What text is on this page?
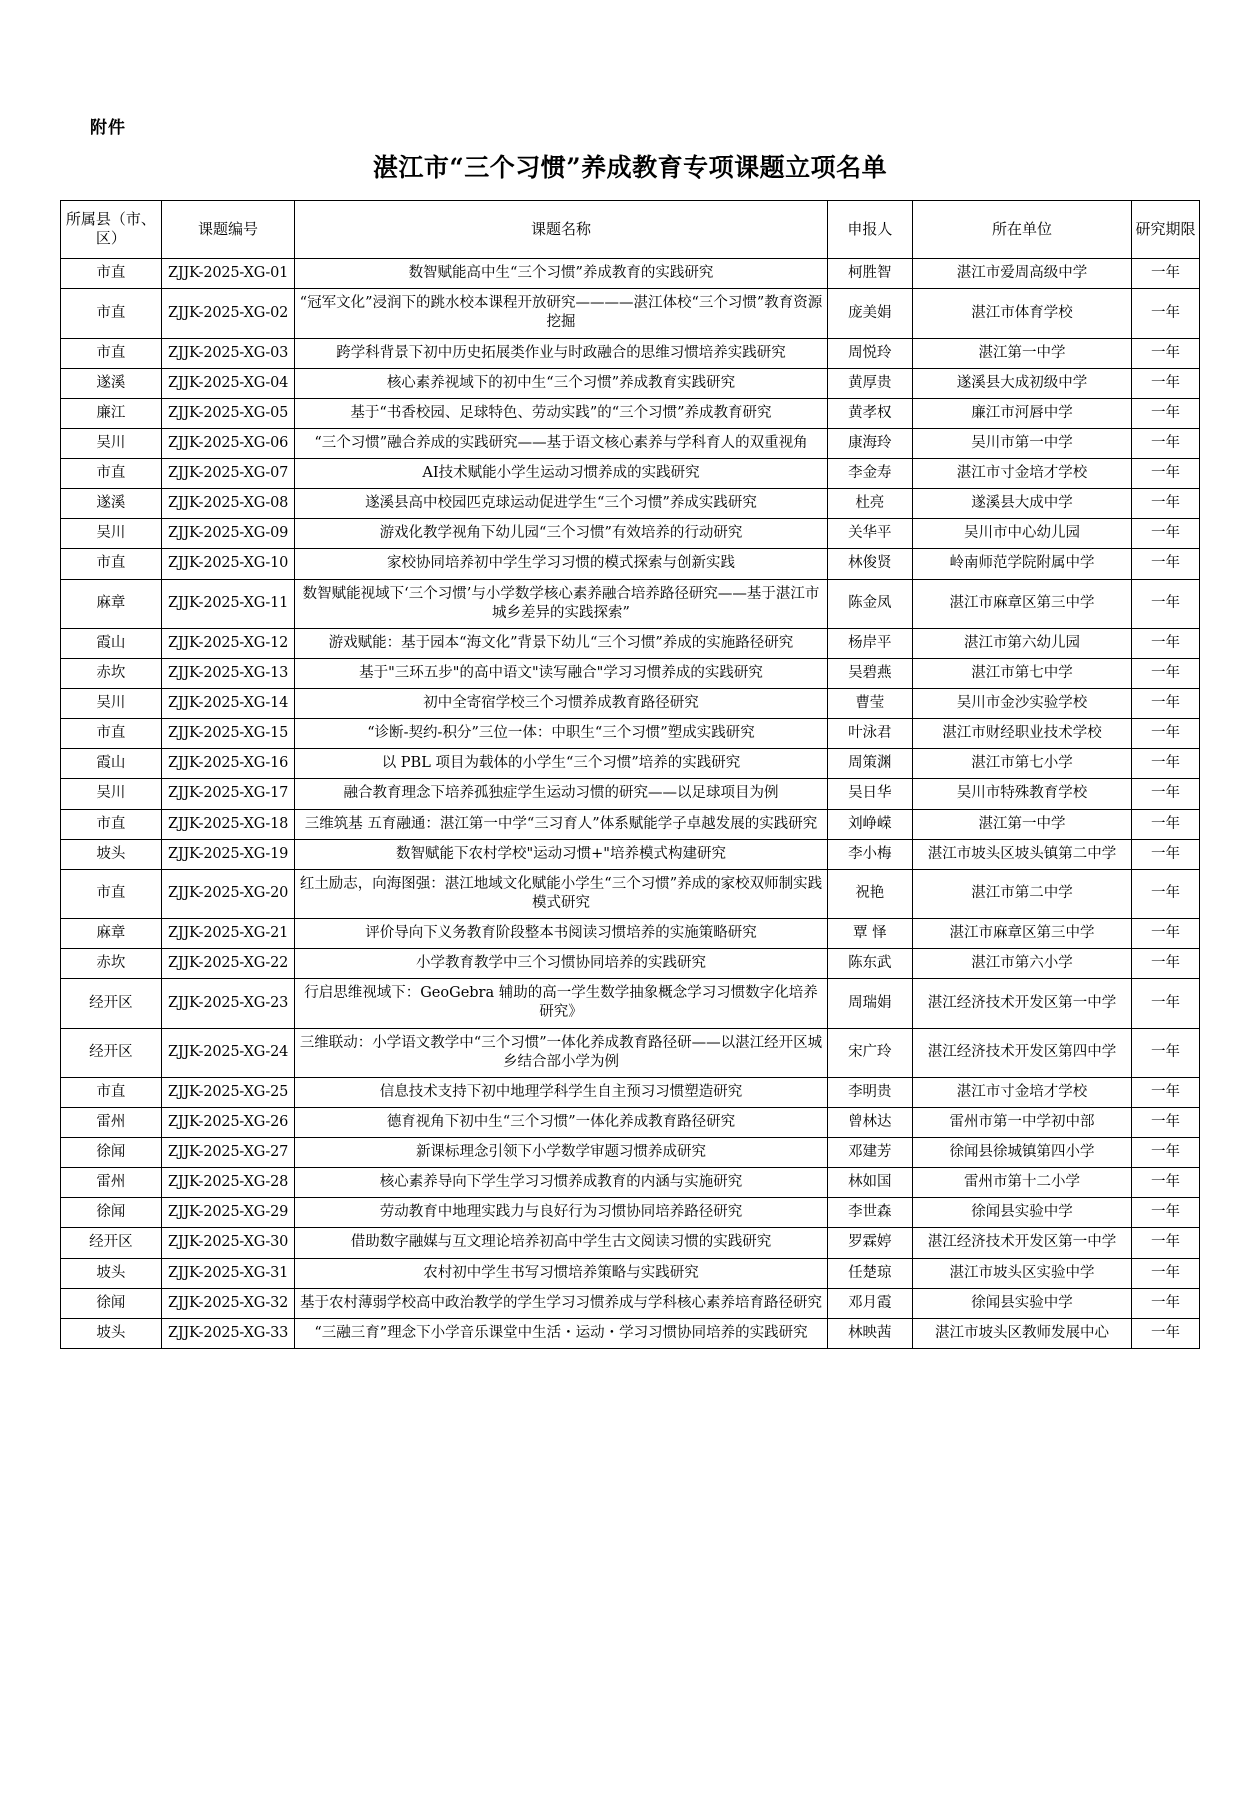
附件
湛江市“三个习惯”养成教育专项课题立项名单
所属县（市、区）	课题编号	课题名称	申报人	所在单位	研究期限
市直	ZJJK-2025-XG-01	数智赋能高中生“三个习惯”养成教育的实践研究	柯胜智	湛江市爱周高级中学	一年
市直	ZJJK-2025-XG-02	“冠军文化”浸润下的跳水校本课程开放研究————湛江体校“三个习惯”教育资源挖掘	庞美娟	湛江市体育学校	一年
市直	ZJJK-2025-XG-03	跨学科背景下初中历史拓展类作业与时政融合的思维习惯培养实践研究	周悦玲	湛江第一中学	一年
遂溪	ZJJK-2025-XG-04	核心素养视域下的初中生“三个习惯”养成教育实践研究	黄厚贵	遂溪县大成初级中学	一年
廉江	ZJJK-2025-XG-05	基于“书香校园、足球特色、劳动实践”的“三个习惯”养成教育研究	黄孝权	廉江市河唇中学	一年
吴川	ZJJK-2025-XG-06	“三个习惯”融合养成的实践研究——基于语文核心素养与学科育人的双重视角	康海玲	吴川市第一中学	一年
市直	ZJJK-2025-XG-07	AI技术赋能小学生运动习惯养成的实践研究	李金寿	湛江市寸金培才学校	一年
遂溪	ZJJK-2025-XG-08	遂溪县高中校园匹克球运动促进学生“三个习惯”养成实践研究	杜亮	遂溪县大成中学	一年
吴川	ZJJK-2025-XG-09	游戏化教学视角下幼儿园“三个习惯”有效培养的行动研究	关华平	吴川市中心幼儿园	一年
市直	ZJJK-2025-XG-10	家校协同培养初中学生学习习惯的模式探索与创新实践	林俊贤	岭南师范学院附属中学	一年
麻章	ZJJK-2025-XG-11	数智赋能视域下‘三个习惯’与小学数学核心素养融合培养路径研究——基于湛江市城乡差异的实践探索”	陈金凤	湛江市麻章区第三中学	一年
霞山	ZJJK-2025-XG-12	游戏赋能：基于园本“海文化”背景下幼儿“三个习惯”养成的实施路径研究	杨岸平	湛江市第六幼儿园	一年
赤坎	ZJJK-2025-XG-13	基于"三环五步"的高中语文"读写融合"学习习惯养成的实践研究	吴碧燕	湛江市第七中学	一年
吴川	ZJJK-2025-XG-14	初中全寄宿学校三个习惯养成教育路径研究	曹莹	吴川市金沙实验学校	一年
市直	ZJJK-2025-XG-15	“诊断-契约-积分”三位一体：中职生“三个习惯”塑成实践研究	叶泳君	湛江市财经职业技术学校	一年
霞山	ZJJK-2025-XG-16	以 PBL 项目为载体的小学生“三个习惯”培养的实践研究	周策渊	湛江市第七小学	一年
吴川	ZJJK-2025-XG-17	融合教育理念下培养孤独症学生运动习惯的研究——以足球项目为例	吴日华	吴川市特殊教育学校	一年
市直	ZJJK-2025-XG-18	三维筑基 五育融通：湛江第一中学“三习育人”体系赋能学子卓越发展的实践研究	刘峥嵘	湛江第一中学	一年
坡头	ZJJK-2025-XG-19	数智赋能下农村学校"运动习惯+"培养模式构建研究	李小梅	湛江市坡头区坡头镇第二中学	一年
市直	ZJJK-2025-XG-20	红土励志，向海图强：湛江地域文化赋能小学生“三个习惯”养成的家校双师制实践模式研究	祝艳	湛江市第二中学	一年
麻章	ZJJK-2025-XG-21	评价导向下义务教育阶段整本书阅读习惯培养的实施策略研究	覃 怿	湛江市麻章区第三中学	一年
赤坎	ZJJK-2025-XG-22	小学教育教学中三个习惯协同培养的实践研究	陈东武	湛江市第六小学	一年
经开区	ZJJK-2025-XG-23	行启思维视域下：GeoGebra 辅助的高一学生数学抽象概念学习习惯数字化培养研究》	周瑞娟	湛江经济技术开发区第一中学	一年
经开区	ZJJK-2025-XG-24	三维联动：小学语文教学中“三个习惯”一体化养成教育路径研——以湛江经开区城乡结合部小学为例	宋广玲	湛江经济技术开发区第四中学	一年
市直	ZJJK-2025-XG-25	信息技术支持下初中地理学科学生自主预习习惯塑造研究	李明贵	湛江市寸金培才学校	一年
雷州	ZJJK-2025-XG-26	德育视角下初中生“三个习惯”一体化养成教育路径研究	曾林达	雷州市第一中学初中部	一年
徐闻	ZJJK-2025-XG-27	新课标理念引领下小学数学审题习惯养成研究	邓建芳	徐闻县徐城镇第四小学	一年
雷州	ZJJK-2025-XG-28	核心素养导向下学生学习习惯养成教育的内涵与实施研究	林如国	雷州市第十二小学	一年
徐闻	ZJJK-2025-XG-29	劳动教育中地理实践力与良好行为习惯协同培养路径研究	李世森	徐闻县实验中学	一年
经开区	ZJJK-2025-XG-30	借助数字融媒与互文理论培养初高中学生古文阅读习惯的实践研究	罗霖婷	湛江经济技术开发区第一中学	一年
坡头	ZJJK-2025-XG-31	农村初中学生书写习惯培养策略与实践研究	任楚琼	湛江市坡头区实验中学	一年
徐闻	ZJJK-2025-XG-32	基于农村薄弱学校高中政治教学的学生学习习惯养成与学科核心素养培育路径研究	邓月霞	徐闻县实验中学	一年
坡头	ZJJK-2025-XG-33	“三融三育”理念下小学音乐课堂中生活・运动・学习习惯协同培养的实践研究	林映茜	湛江市坡头区教师发展中心	一年
